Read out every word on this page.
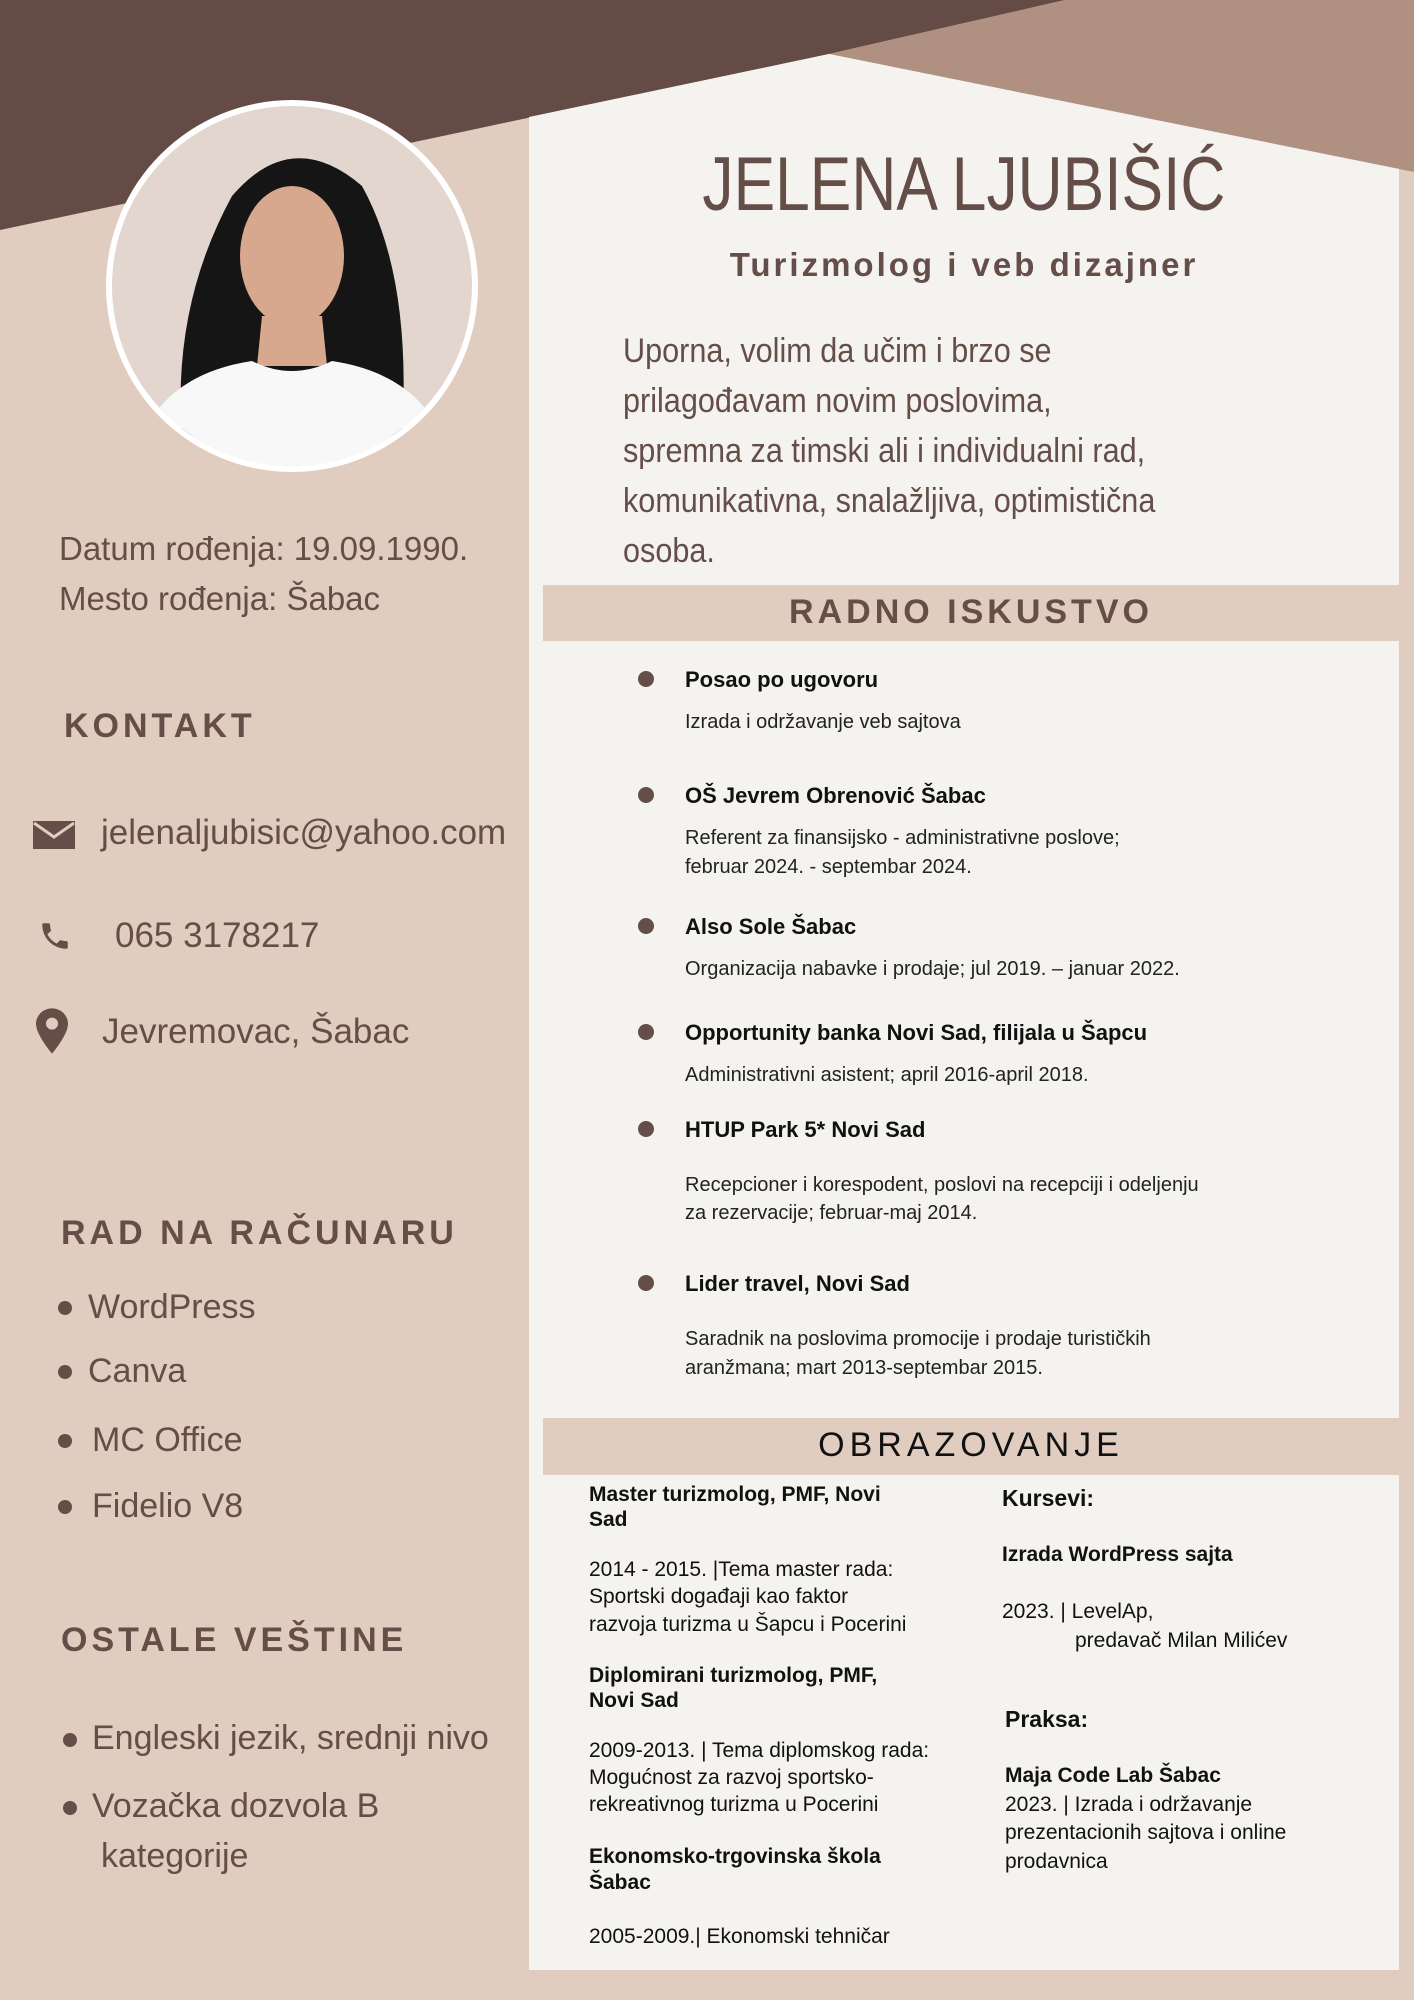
JELENA LJUBIŠIĆ
Turizmolog i veb dizajner
Uporna, volim da učim i brzo se
prilagođavam novim poslovima,
spremna za timski ali i individualni rad,
komunikativna, snalažljiva, optimistična
osoba.
Datum rođenja: 19.09.1990.
Mesto rođenja: Šabac
KONTAKT
jelenaljubisic@yahoo.com
065 3178217
Jevremovac, Šabac
RAD NA RAČUNARU
WordPress
Canva
MC Office
Fidelio V8
OSTALE VEŠTINE
Engleski jezik, srednji nivo
Vozačka dozvola B
kategorije
RADNO ISKUSTVO
Posao po ugovoru
Izrada i održavanje veb sajtova
OŠ Jevrem Obrenović Šabac
Referent za finansijsko - administrativne poslove;
februar 2024. - septembar 2024.
Also Sole Šabac
Organizacija nabavke i prodaje; jul 2019. – januar 2022.
Opportunity banka Novi Sad, filijala u Šapcu
Administrativni asistent; april 2016-april 2018.
HTUP Park 5* Novi Sad
Recepcioner i korespodent, poslovi na recepciji i odeljenju
za rezervacije; februar-maj 2014.
Lider travel, Novi Sad
Saradnik na poslovima promocije i prodaje turističkih
aranžmana; mart 2013-septembar 2015.
OBRAZOVANJE
Master turizmolog, PMF, Novi
Sad
2014 - 2015. |Tema master rada:
Sportski događaji kao faktor
razvoja turizma u Šapcu i Pocerini
Diplomirani turizmolog, PMF,
Novi Sad
2009-2013. | Tema diplomskog rada:
Mogućnost za razvoj sportsko-
rekreativnog turizma u Pocerini
Ekonomsko-trgovinska škola
Šabac
2005-2009.| Ekonomski tehničar
Kursevi:
Izrada WordPress sajta
2023. | LevelAp,
predavač Milan Milićev
Praksa:
Maja Code Lab Šabac
2023. | Izrada i održavanje
prezentacionih sajtova i online
prodavnica
